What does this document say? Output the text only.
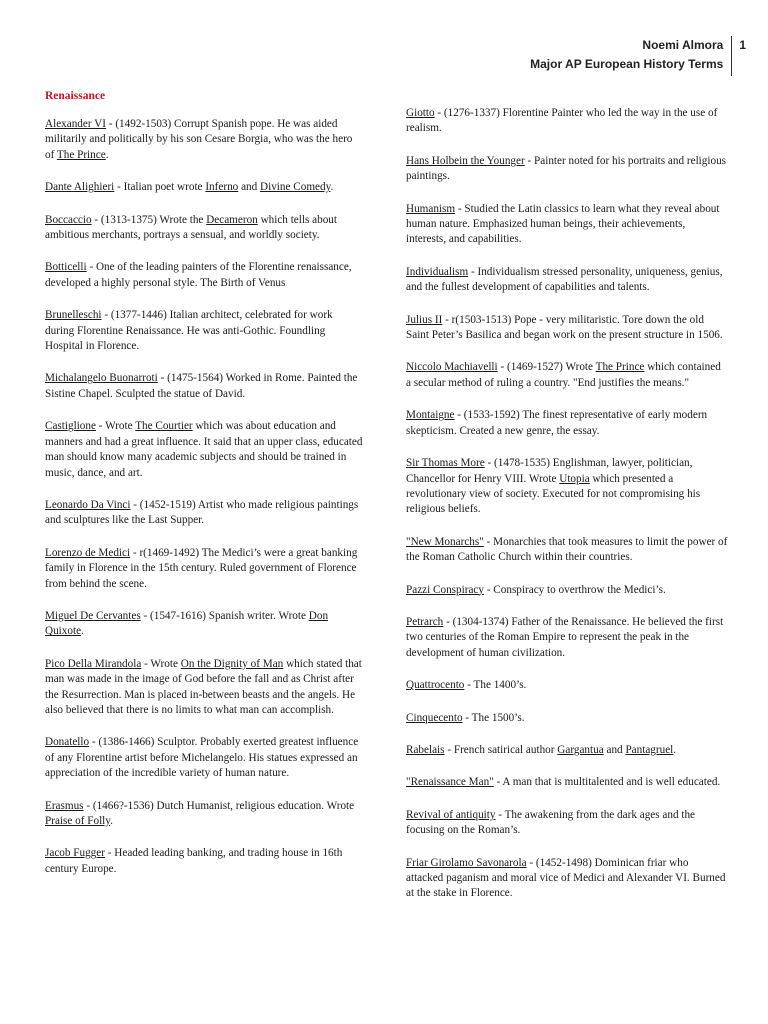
Noemi Almora
Major AP European History Terms
1
Renaissance
Alexander VI - (1492-1503) Corrupt Spanish pope. He was aided militarily and politically by his son Cesare Borgia, who was the hero of The Prince.
Dante Alighieri - Italian poet wrote Inferno and Divine Comedy.
Boccaccio - (1313-1375) Wrote the Decameron which tells about ambitious merchants, portrays a sensual, and worldly society.
Botticelli - One of the leading painters of the Florentine renaissance, developed a highly personal style. The Birth of Venus
Brunelleschi - (1377-1446) Italian architect, celebrated for work during Florentine Renaissance. He was anti-Gothic. Foundling Hospital in Florence.
Michalangelo Buonarroti - (1475-1564) Worked in Rome. Painted the Sistine Chapel. Sculpted the statue of David.
Castiglione - Wrote The Courtier which was about education and manners and had a great influence. It said that an upper class, educated man should know many academic subjects and should be trained in music, dance, and art.
Leonardo Da Vinci - (1452-1519) Artist who made religious paintings and sculptures like the Last Supper.
Lorenzo de Medici - r(1469-1492) The Medici’s were a great banking family in Florence in the 15th century. Ruled government of Florence from behind the scene.
Miguel De Cervantes - (1547-1616) Spanish writer. Wrote Don Quixote.
Pico Della Mirandola - Wrote On the Dignity of Man which stated that man was made in the image of God before the fall and as Christ after the Resurrection. Man is placed in-between beasts and the angels. He also believed that there is no limits to what man can accomplish.
Donatello - (1386-1466) Sculptor. Probably exerted greatest influence of any Florentine artist before Michelangelo. His statues expressed an appreciation of the incredible variety of human nature.
Erasmus - (1466?-1536) Dutch Humanist, religious education. Wrote Praise of Folly.
Jacob Fugger - Headed leading banking, and trading house in 16th century Europe.
Giotto - (1276-1337) Florentine Painter who led the way in the use of realism.
Hans Holbein the Younger - Painter noted for his portraits and religious paintings.
Humanism - Studied the Latin classics to learn what they reveal about human nature. Emphasized human beings, their achievements, interests, and capabilities.
Individualism - Individualism stressed personality, uniqueness, genius, and the fullest development of capabilities and talents.
Julius II - r(1503-1513) Pope - very militaristic. Tore down the old Saint Peter’s Basilica and began work on the present structure in 1506.
Niccolo Machiavelli - (1469-1527) Wrote The Prince which contained a secular method of ruling a country. "End justifies the means."
Montaigne - (1533-1592) The finest representative of early modern skepticism. Created a new genre, the essay.
Sir Thomas More - (1478-1535) Englishman, lawyer, politician, Chancellor for Henry VIII. Wrote Utopia which presented a revolutionary view of society. Executed for not compromising his religious beliefs.
"New Monarchs" - Monarchies that took measures to limit the power of the Roman Catholic Church within their countries.
Pazzi Conspiracy - Conspiracy to overthrow the Medici’s.
Petrarch - (1304-1374) Father of the Renaissance. He believed the first two centuries of the Roman Empire to represent the peak in the development of human civilization.
Quattrocento - The 1400’s.
Cinquecento - The 1500’s.
Rabelais - French satirical author Gargantua and Pantagruel.
"Renaissance Man" - A man that is multitalented and is well educated.
Revival of antiquity - The awakening from the dark ages and the focusing on the Roman’s.
Friar Girolamo Savonarola - (1452-1498) Dominican friar who attacked paganism and moral vice of Medici and Alexander VI. Burned at the stake in Florence.
